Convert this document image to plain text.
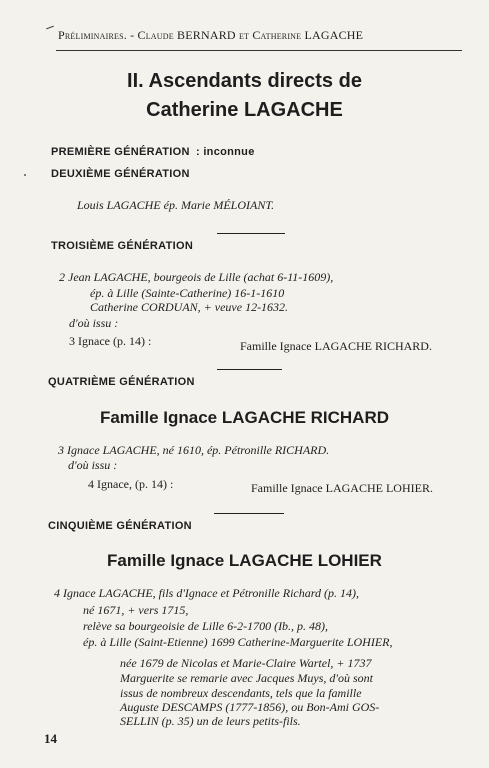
Préliminaires. - Claude BERNARD et Catherine LAGACHE
II. Ascendants directs de
Catherine LAGACHE
PREMIÈRE GÉNÉRATION : inconnue
DEUXIÈME GÉNÉRATION
Louis LAGACHE ép. Marie MÉLOIANT.
TROISIÈME GÉNÉRATION
2 Jean LAGACHE, bourgeois de Lille (achat 6-11-1609),
ép. à Lille (Sainte-Catherine) 16-1-1610
Catherine CORDUAN, + veuve 12-1632.
d'où issu :
3 Ignace (p. 14) :	Famille Ignace LAGACHE RICHARD.
QUATRIÈME GÉNÉRATION
Famille Ignace LAGACHE RICHARD
3 Ignace LAGACHE, né 1610, ép. Pétronille RICHARD.
d'où issu :
4 Ignace, (p. 14) :	Famille Ignace LAGACHE LOHIER.
CINQUIÈME GÉNÉRATION
Famille Ignace LAGACHE LOHIER
4 Ignace LAGACHE, fils d'Ignace et Pétronille Richard (p. 14),
né 1671, + vers 1715,
relève sa bourgeoisie de Lille 6-2-1700 (Ib., p. 48),
ép. à Lille (Saint-Etienne) 1699 Catherine-Marguerite LOHIER,
née 1679 de Nicolas et Marie-Claire Wartel, + 1737
Marguerite se remarie avec Jacques Muys, d'où sont
issus de nombreux descendants, tels que la famille
Auguste DESCAMPS (1777-1856), ou Bon-Ami GOS-
SELLIN (p. 35) un de leurs petits-fils.
14
